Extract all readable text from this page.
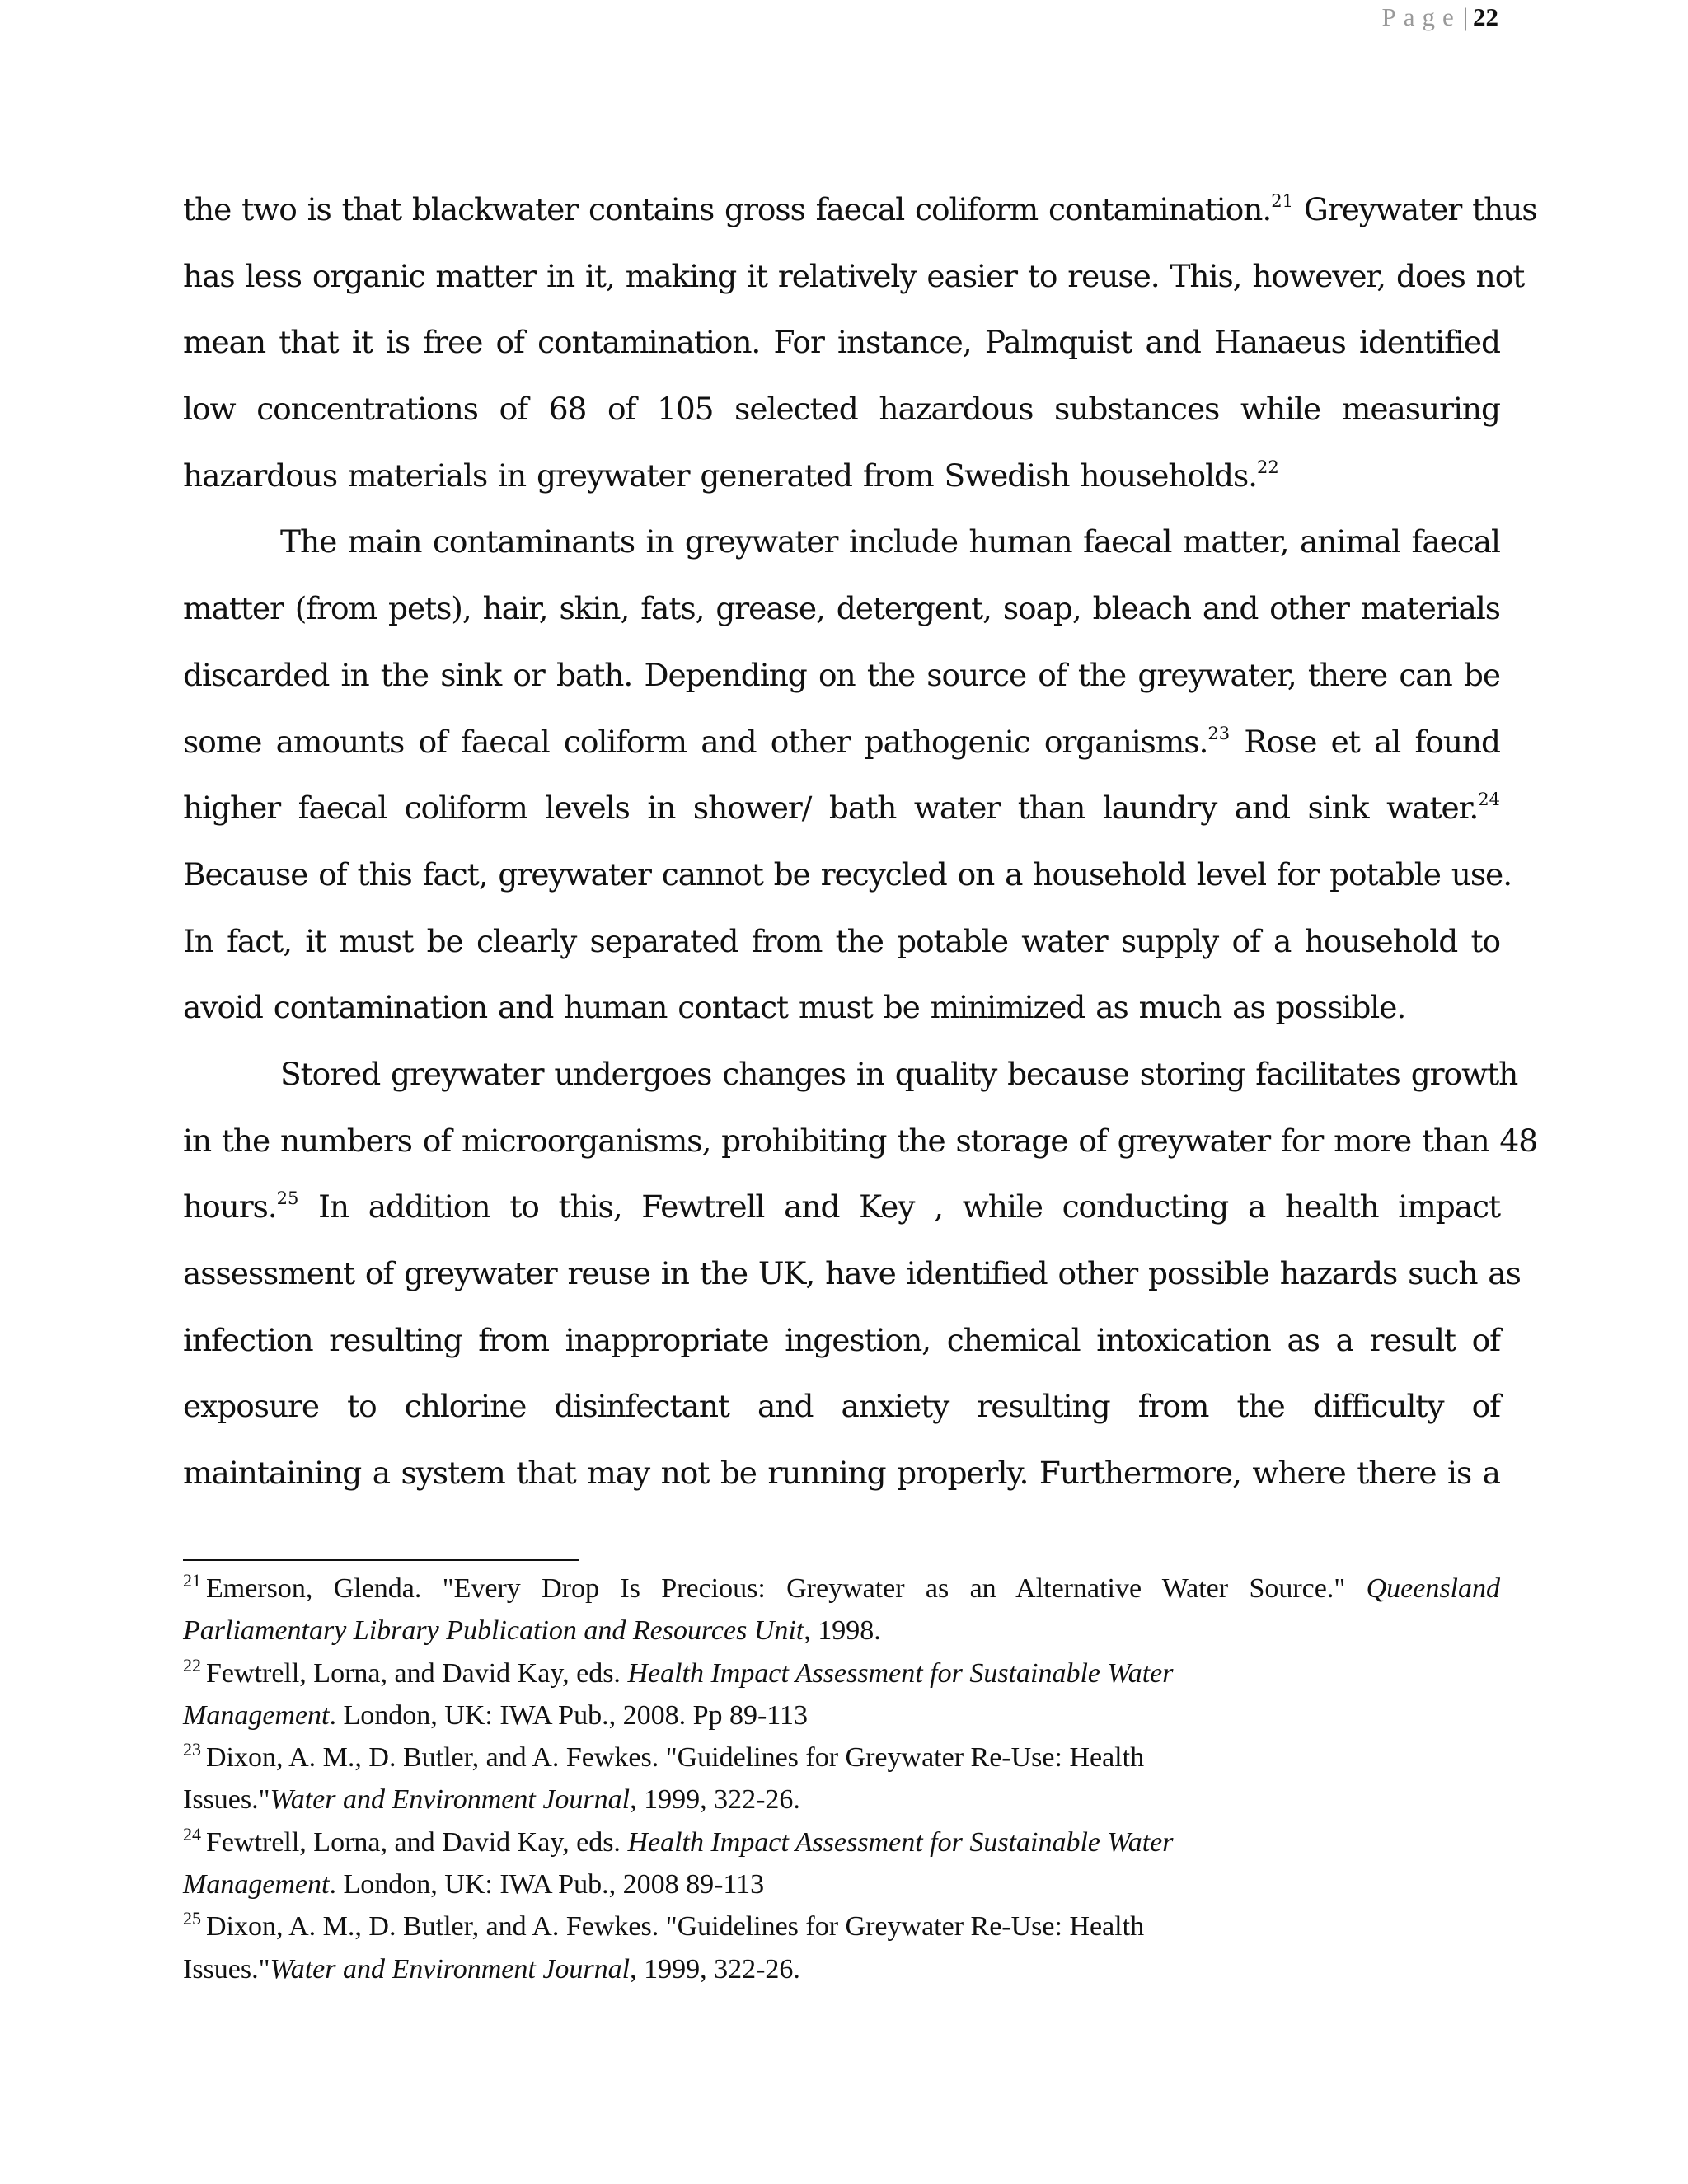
Page| 22
the two is that blackwater contains gross faecal coliform contamination.$^{21}$ Greywater thus
has less organic matter in it, making it relatively easier to reuse. This, however, does not
mean that it is free of contamination. For instance, Palmquist and Hanaeus identified
low concentrations of 68 of 105 selected hazardous substances while measuring
hazardous materials in greywater generated from Swedish households.$^{22}$
The main contaminants in greywater include human faecal matter, animal faecal
matter (from pets), hair, skin, fats, grease, detergent, soap, bleach and other materials
discarded in the sink or bath. Depending on the source of the greywater, there can be
some amounts of faecal coliform and other pathogenic organisms.$^{23}$ Rose et al found
higher faecal coliform levels in shower/ bath water than laundry and sink water.$^{24}$
Because of this fact, greywater cannot be recycled on a household level for potable use.
In fact, it must be clearly separated from the potable water supply of a household to
avoid contamination and human contact must be minimized as much as possible.
Stored greywater undergoes changes in quality because storing facilitates growth
in the numbers of microorganisms, prohibiting the storage of greywater for more than 48
hours.$^{25}$ In addition to this, Fewtrell and Key , while conducting a health impact
assessment of greywater reuse in the UK, have identified other possible hazards such as
infection resulting from inappropriate ingestion, chemical intoxication as a result of
exposure to chlorine disinfectant and anxiety resulting from the difficulty of
maintaining a system that may not be running properly. Furthermore, where there is a
$^{21}$ Emerson, Glenda. "Every Drop Is Precious: Greywater as an Alternative Water Source." Queensland
Parliamentary Library Publication and Resources Unit, 1998.
$^{22}$ Fewtrell, Lorna, and David Kay, eds. Health Impact Assessment for Sustainable Water
Management. London, UK: IWA Pub., 2008. Pp 89-113
$^{23}$ Dixon, A. M., D. Butler, and A. Fewkes. "Guidelines for Greywater Re-Use: Health
Issues."Water and Environment Journal, 1999, 322-26.
$^{24}$ Fewtrell, Lorna, and David Kay, eds. Health Impact Assessment for Sustainable Water
Management. London, UK: IWA Pub., 2008 89-113
$^{25}$ Dixon, A. M., D. Butler, and A. Fewkes. "Guidelines for Greywater Re-Use: Health
Issues."Water and Environment Journal, 1999, 322-26.
